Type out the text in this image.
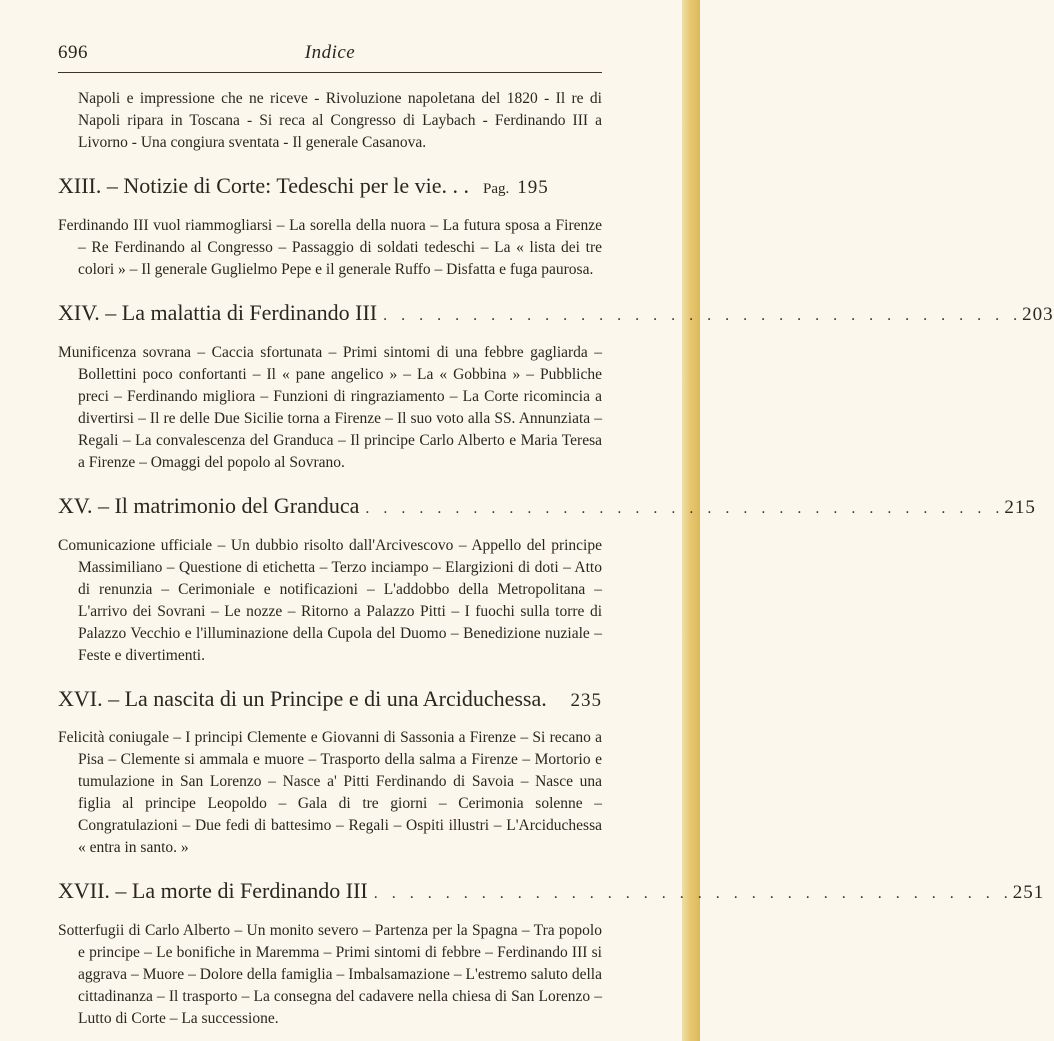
696	Indice

Napoli e impressione che ne riceve - Rivoluzione napoletana del 1820 - Il re di Napoli ripara in Toscana - Si reca al Congresso di Laybach - Ferdinando III a Livorno - Una congiura sventata - Il generale Casanova.

XIII. – Notizie di Corte: Tedeschi per le vie. . . Pag. 195

Ferdinando III vuol riammogliarsi – La sorella della nuora – La futura sposa a Firenze – Re Ferdinando al Congresso – Passaggio di soldati tedeschi – La « lista dei tre colori » – Il generale Guglielmo Pepe e il generale Ruffo – Disfatta e fuga paurosa.

XIV. – La malattia di Ferdinando III . . . . . . . . . . . . . . . . . . . . . . . . . . . . . . . . . . . . 203

Munificenza sovrana – Caccia sfortunata – Primi sintomi di una febbre gagliarda – Bollettini poco confortanti – Il « pane angelico » – La « Gobbina » – Pubbliche preci – Ferdinando migliora – Funzioni di ringraziamento – La Corte ricomincia a divertirsi – Il re delle Due Sicilie torna a Firenze – Il suo voto alla SS. Annunziata – Regali – La convalescenza del Granduca – Il principe Carlo Alberto e Maria Teresa a Firenze – Omaggi del popolo al Sovrano.

XV. – Il matrimonio del Granduca . . . . . . . . . . . . . . . . . . . . . . . . . . . . . . . . . . . . 215

Comunicazione ufficiale – Un dubbio risolto dall'Arcivescovo – Appello del principe Massimiliano – Questione di etichetta – Terzo inciampo – Elargizioni di doti – Atto di renunzia – Cerimoniale e notificazioni – L'addobbo della Metropolitana – L'arrivo dei Sovrani – Le nozze – Ritorno a Palazzo Pitti – I fuochi sulla torre di Palazzo Vecchio e l'illuminazione della Cupola del Duomo – Benedizione nuziale – Feste e divertimenti.

XVI. – La nascita di un Principe e di una Arciduchessa. 235

Felicità coniugale – I principi Clemente e Giovanni di Sassonia a Firenze – Si recano a Pisa – Clemente si ammala e muore – Trasporto della salma a Firenze – Mortorio e tumulazione in San Lorenzo – Nasce a' Pitti Ferdinando di Savoia – Nasce una figlia al principe Leopoldo – Gala di tre giorni – Cerimonia solenne – Congratulazioni – Due fedi di battesimo – Regali – Ospiti illustri – L'Arciduchessa « entra in santo. »

XVII. – La morte di Ferdinando III . . . . . . . . . . . . . . . . . . . . . . . . . . . . . . . . . . . . 251

Sotterfugii di Carlo Alberto – Un monito severo – Partenza per la Spagna – Tra popolo e principe – Le bonifiche in Maremma – Primi sintomi di febbre – Ferdinando III si aggrava – Muore – Dolore della famiglia – Imbalsamazione – L'estremo saluto della cittadinanza – Il trasporto – La consegna del cadavere nella chiesa di San Lorenzo – Lutto di Corte – La successione.
